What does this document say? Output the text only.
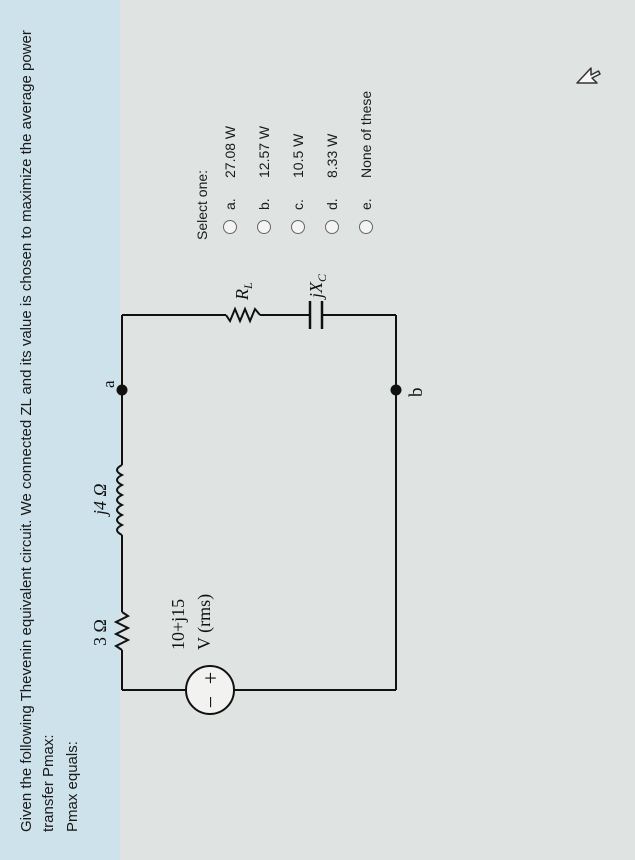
Given the following Thevenin equivalent circuit. We connected ZL and its value is chosen to maximize the average power transfer Pmax: Pmax equals:
+
−
3 Ω
j4 Ω
a
b
10+j15 V (rms)
$R_L$	$jX_C$
Select one: a.
27.08 W
b.
12.57 W
c.
10.5 W
d.
8.33 W
e.
None of these
